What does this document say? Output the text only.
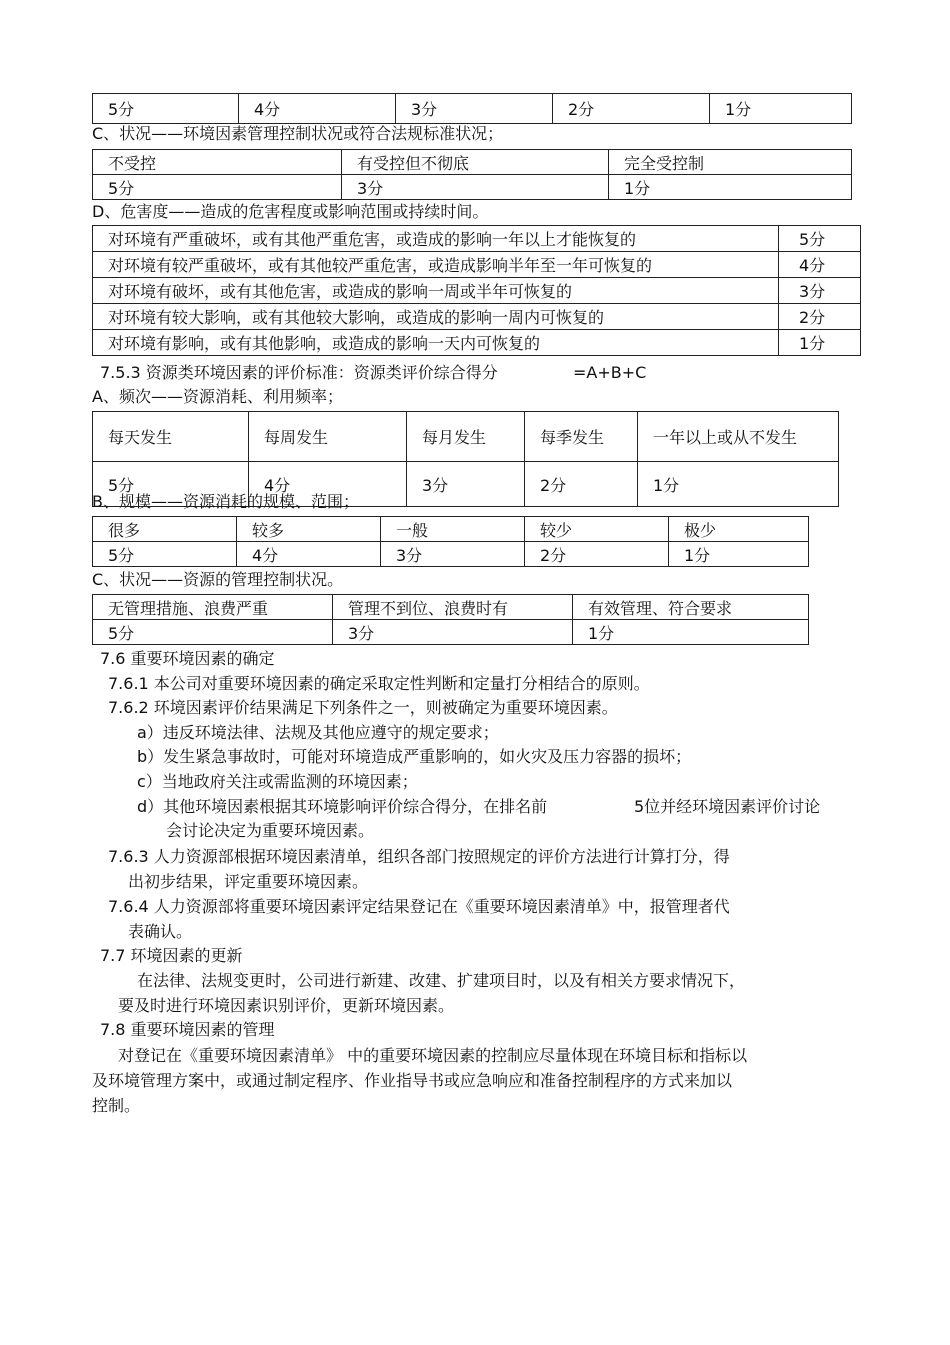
5分	4分	3分	2分	1分
C、状况——环境因素管理控制状况或符合法规标准状况；
不受控	有受控但不彻底	完全受控制
5分	3分	1分
D、危害度——造成的危害程度或影响范围或持续时间。
对环境有严重破坏，或有其他严重危害，或造成的影响一年以上才能恢复的	5分
对环境有较严重破坏，或有其他较严重危害，或造成影响半年至一年可恢复的	4分
对环境有破坏，或有其他危害，或造成的影响一周或半年可恢复的	3分
对环境有较大影响，或有其他较大影响，或造成的影响一周内可恢复的	2分
对环境有影响，或有其他影响，或造成的影响一天内可恢复的	1分
7.5.3 资源类环境因素的评价标准：资源类评价综合得分	=A+B+C
A、频次——资源消耗、利用频率；
每天发生	每周发生	每月发生	每季发生	一年以上或从不发生
5分	4分	3分	2分	1分
B、规模——资源消耗的规模、范围；
很多	较多	一般	较少	极少
5分	4分	3分	2分	1分
C、状况——资源的管理控制状况。
无管理措施、浪费严重	管理不到位、浪费时有	有效管理、符合要求
5分	3分	1分
7.6 重要环境因素的确定
7.6.1 本公司对重要环境因素的确定采取定性判断和定量打分相结合的原则。
7.6.2 环境因素评价结果满足下列条件之一，则被确定为重要环境因素。
a）违反环境法律、法规及其他应遵守的规定要求；
b）发生紧急事故时，可能对环境造成严重影响的，如火灾及压力容器的损坏；
c）当地政府关注或需监测的环境因素；
d）其他环境因素根据其环境影响评价综合得分，在排名前	5位并经环境因素评价讨论
会讨论决定为重要环境因素。
7.6.3 人力资源部根据环境因素清单，组织各部门按照规定的评价方法进行计算打分，得
出初步结果，评定重要环境因素。
7.6.4 人力资源部将重要环境因素评定结果登记在《重要环境因素清单》中，报管理者代
表确认。
7.7 环境因素的更新
在法律、法规变更时，公司进行新建、改建、扩建项目时，以及有相关方要求情况下，
要及时进行环境因素识别评价，更新环境因素。
7.8 重要环境因素的管理
对登记在《重要环境因素清单》 中的重要环境因素的控制应尽量体现在环境目标和指标以
及环境管理方案中，或通过制定程序、作业指导书或应急响应和准备控制程序的方式来加以
控制。
